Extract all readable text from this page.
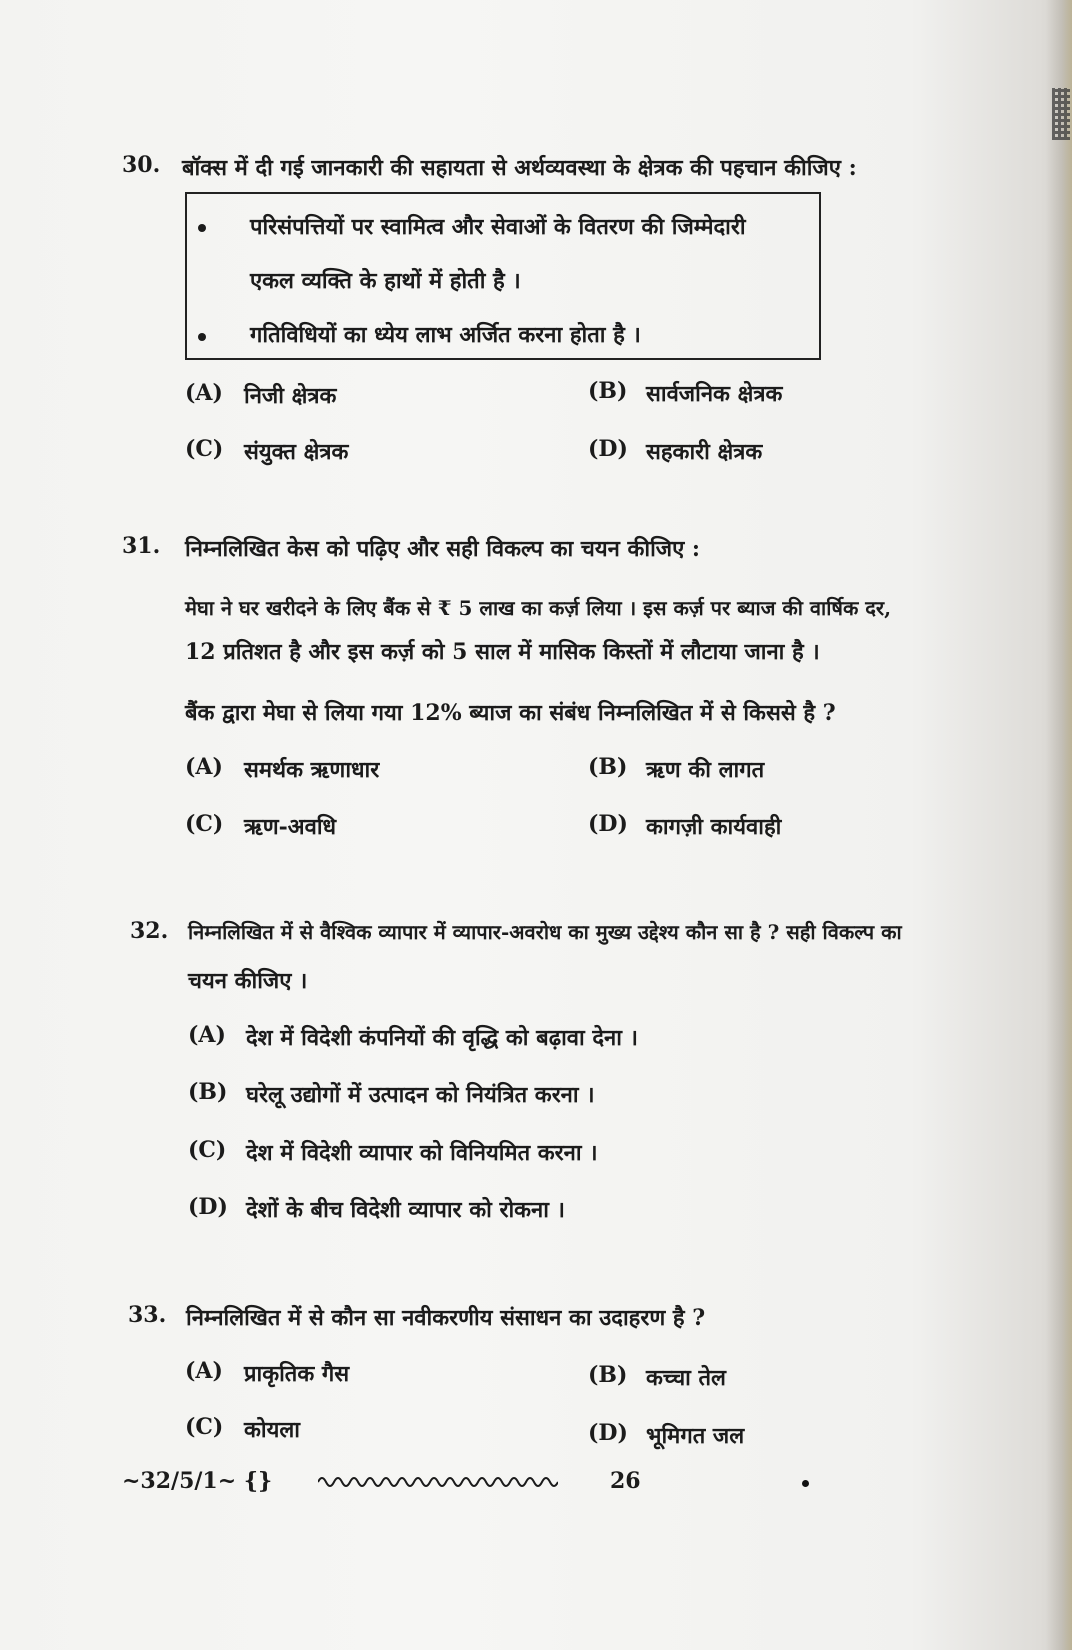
30. बॉक्स में दी गई जानकारी की सहायता से अर्थव्यवस्था के क्षेत्रक की पहचान कीजिए :
परिसंपत्तियों पर स्वामित्व और सेवाओं के वितरण की जिम्मेदारी
एकल व्यक्ति के हाथों में होती है ।
गतिविधियों का ध्येय लाभ अर्जित करना होता है ।
(A) निजी क्षेत्रक	(B) सार्वजनिक क्षेत्रक
(C) संयुक्त क्षेत्रक	(D) सहकारी क्षेत्रक
31. निम्नलिखित केस को पढ़िए और सही विकल्प का चयन कीजिए :
मेघा ने घर खरीदने के लिए बैंक से ₹ 5 लाख का कर्ज़ लिया । इस कर्ज़ पर ब्याज की वार्षिक दर,
12 प्रतिशत है और इस कर्ज़ को 5 साल में मासिक किस्तों में लौटाया जाना है ।
बैंक द्वारा मेघा से लिया गया 12% ब्याज का संबंध निम्नलिखित में से किससे है ?
(A) समर्थक ऋणाधार	(B) ऋण की लागत
(C) ऋण-अवधि	(D) कागज़ी कार्यवाही
32. निम्नलिखित में से वैश्विक व्यापार में व्यापार-अवरोध का मुख्य उद्देश्य कौन सा है ? सही विकल्प का
चयन कीजिए ।
(A) देश में विदेशी कंपनियों की वृद्धि को बढ़ावा देना ।
(B) घरेलू उद्योगों में उत्पादन को नियंत्रित करना ।
(C) देश में विदेशी व्यापार को विनियमित करना ।
(D) देशों के बीच विदेशी व्यापार को रोकना ।
33. निम्नलिखित में से कौन सा नवीकरणीय संसाधन का उदाहरण है ?
(A) प्राकृतिक गैस	(B) कच्चा तेल
(C) कोयला	(D) भूमिगत जल
~32/5/1~ {}	26
